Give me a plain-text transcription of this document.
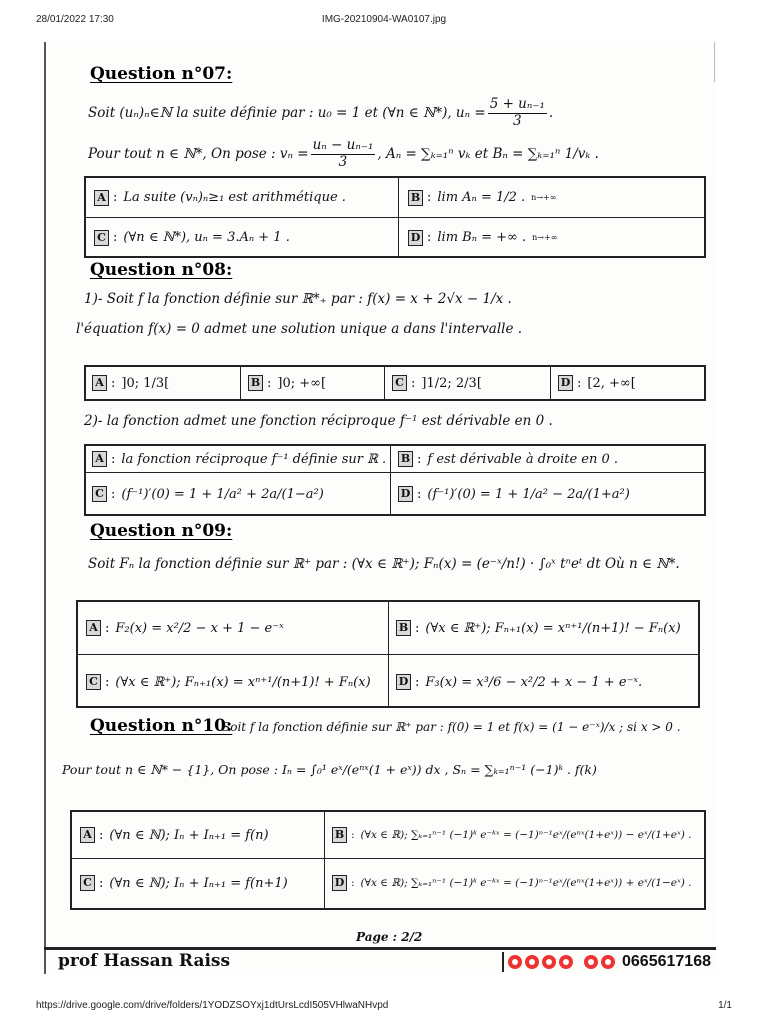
28/01/2022 17:30	IMG-20210904-WA0107.jpg
Question n°07:
Soit (uₙ)ₙ∈ℕ la suite définie par : u₀ = 1 et (∀n ∈ ℕ*), $u_n = \frac{\text{5 + uₙ₋₁}}{3}$ .
Pour tout n ∈ ℕ*, On pose : $v_n = \frac{\text{uₙ − uₙ₋₁}}{3}$ , Aₙ = ∑ₖ₌₁ⁿ vₖ et Bₙ = ∑ₖ₌₁ⁿ 1/vₖ .
A : La suite (vₙ)ₙ≥₁ est arithmétique .	B : lim Aₙ = 1/2 . n→+∞
C : (∀n ∈ ℕ*), uₙ = 3.Aₙ + 1 .	D : lim Bₙ = +∞ . n→+∞
Question n°08:
1)- Soit f la fonction définie sur ℝ*₊ par : f(x) = x + 2√x − 1/x .
l'équation f(x) = 0 admet une solution unique a dans l'intervalle .
A : ]0; 1/3[	B : ]0; +∞[	C : ]1/2; 2/3[	D : [2, +∞[
2)- la fonction admet une fonction réciproque f⁻¹ est dérivable en 0 .
A : la fonction réciproque f⁻¹ définie sur ℝ . B : f est dérivable à droite en 0 .
C : (f⁻¹)′(0) = 1 + 1/a² + 2a/(1−a²)	D : (f⁻¹)′(0) = 1 + 1/a² − 2a/(1+a²)
Question n°09:
Soit Fₙ la fonction définie sur ℝ⁺ par : (∀x ∈ ℝ⁺); Fₙ(x) = (e⁻ˣ/n!) · ∫₀ˣ tⁿeᵗ dt Où n ∈ ℕ*.
A : F₂(x) = x²/2 − x + 1 − e⁻ˣ	B : (∀x ∈ ℝ⁺); Fₙ₊₁(x) = xⁿ⁺¹/(n+1)! − Fₙ(x)
C : (∀x ∈ ℝ⁺); Fₙ₊₁(x) = xⁿ⁺¹/(n+1)! + Fₙ(x)	D : F₃(x) = x³/6 − x²/2 + x − 1 + e⁻ˣ.
Question n°10:
Soit f la fonction définie sur ℝ⁺ par : f(0) = 1 et f(x) = (1 − e⁻ˣ)/x ; si x > 0 .
Pour tout n ∈ ℕ* − {1}, On pose : Iₙ = ∫₀¹ eˣ/(eⁿˣ(1 + eˣ)) dx , Sₙ = ∑ₖ₌₁ⁿ⁻¹ (−1)ᵏ . f(k)
A : (∀n ∈ ℕ); Iₙ + Iₙ₊₁ = f(n)	B : (∀x ∈ ℝ); ∑ₖ₌₁ⁿ⁻¹ (−1)ᵏ e⁻ᵏˣ = (−1)ⁿ⁻¹eˣ/(eⁿˣ(1+eˣ)) − eˣ/(1+eˣ) .
C : (∀n ∈ ℕ); Iₙ + Iₙ₊₁ = f(n+1)	D : (∀x ∈ ℝ); ∑ₖ₌₁ⁿ⁻¹ (−1)ᵏ e⁻ᵏˣ = (−1)ⁿ⁻¹eˣ/(eⁿˣ(1+eˣ)) + eˣ/(1−eˣ) .
Page : 2/2
prof Hassan Raiss	0665617168
https://drive.google.com/drive/folders/1YODZSOYxj1dtUrsLcdI505VHlwaNHvpd	1/1
